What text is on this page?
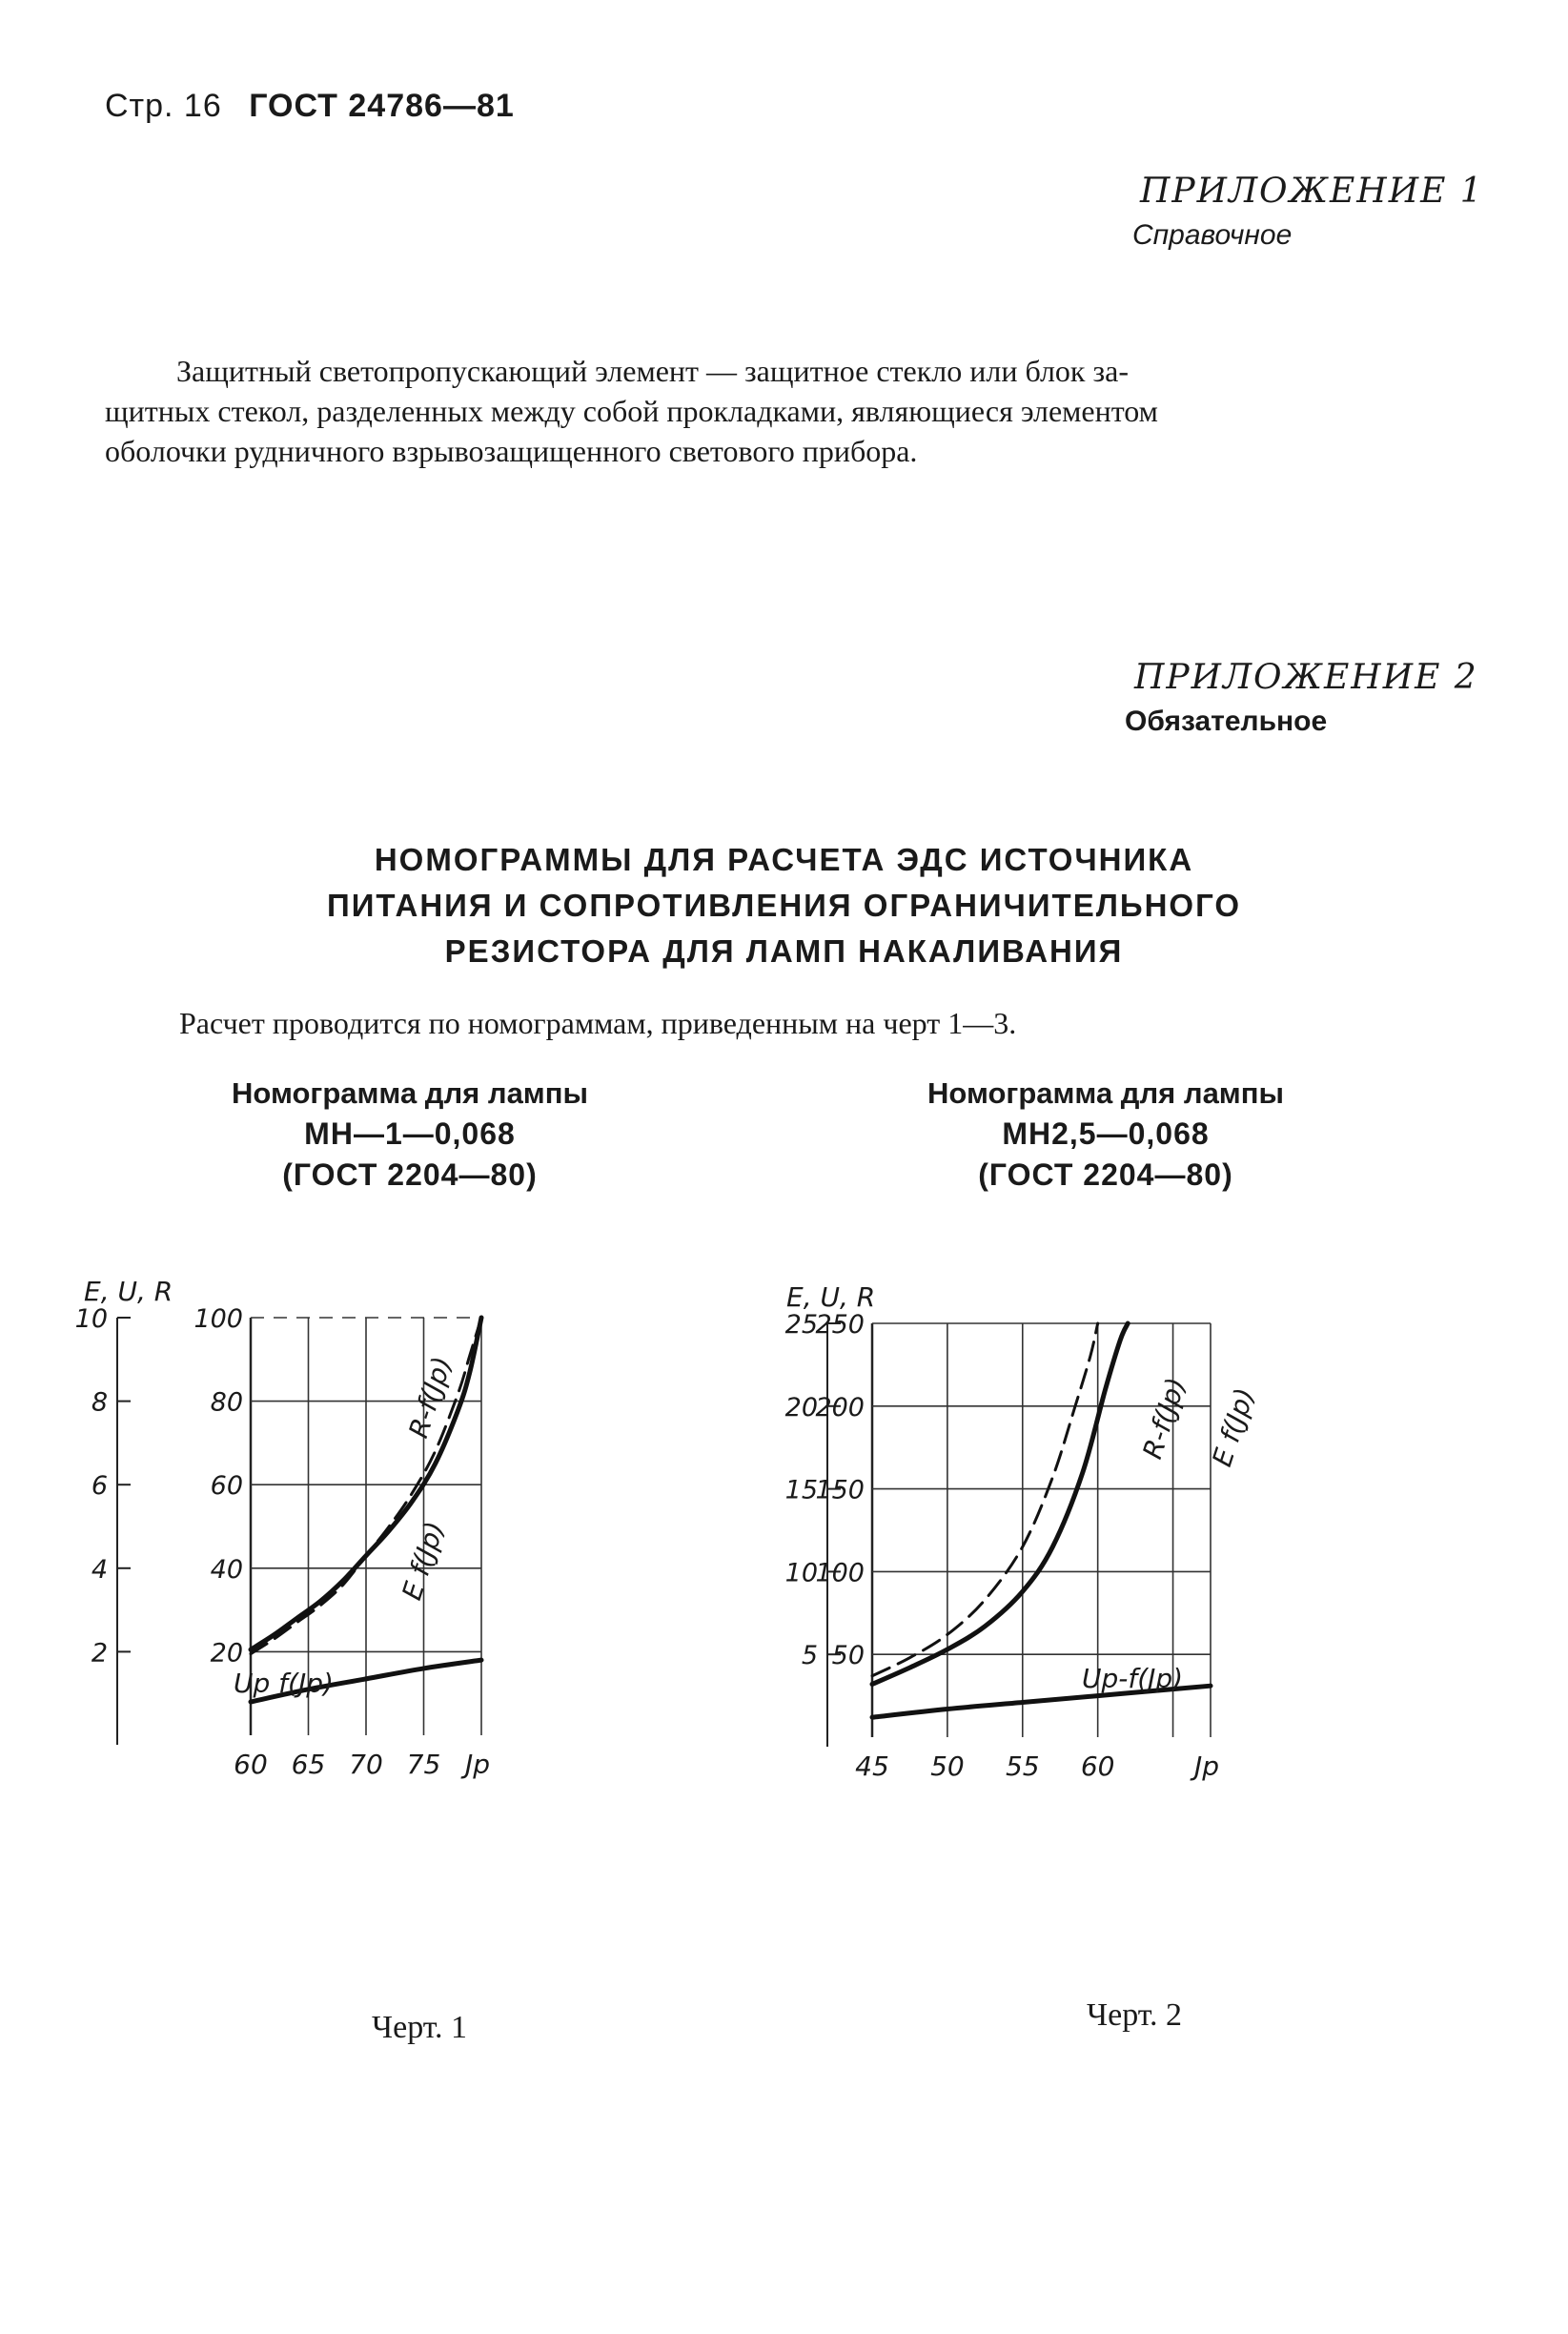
Стр. 16 ГОСТ 24786—81
ПРИЛОЖЕНИЕ 1
Справочное
Защитный светопропускающий элемент — защитное стекло или блок за-
щитных стекол, разделенных между собой прокладками, являющиеся элементом
оболочки рудничного взрывозащищенного светового прибора.
ПРИЛОЖЕНИЕ 2
Обязательное
НОМОГРАММЫ ДЛЯ РАСЧЕТА ЭДС ИСТОЧНИКА
ПИТАНИЯ И СОПРОТИВЛЕНИЯ ОГРАНИЧИТЕЛЬНОГО
РЕЗИСТОРА ДЛЯ ЛАМП НАКАЛИВАНИЯ
Расчет проводится по номограммам, приведенным на черт 1—3.
Номограмма для лампы
МН—1—0,068
(ГОСТ 2204—80)
Номограмма для лампы
МН2,5—0,068
(ГОСТ 2204—80)
E, U, R
20
2
40
4
60
6
80
8
100
10
60 65 70 75 Jp
R-f(Jp)
E f(Jp)
Up f(Jp)
E, U, R
50
5
100
10
150
15
200
20
250
25
45 50 55 60	Jp
R-f(Jp) E f(Jp)
Up-f(Jp)
Черт. 1	Черт. 2
